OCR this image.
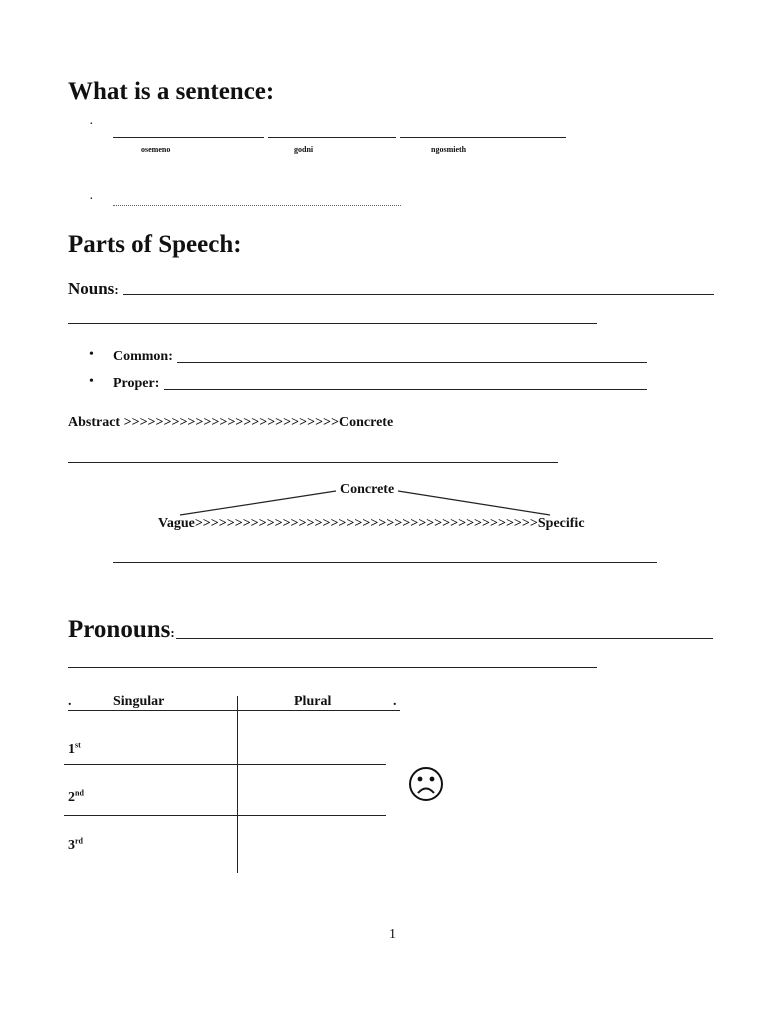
What is a sentence:
·
osemeno	godni	ngosmieth
·
Parts of Speech:
Nouns:
• Common:
• Proper:
Abstract >>>>>>>>>>>>>>>>>>>>>>>>>>>Concrete
Concrete
Vague>>>>>>>>>>>>>>>>>>>>>>>>>>>>>>>>>>>>>>>>>>>Specific
Pronouns:
.	Singular	Plural	.
1st
2nd
3rd
1
